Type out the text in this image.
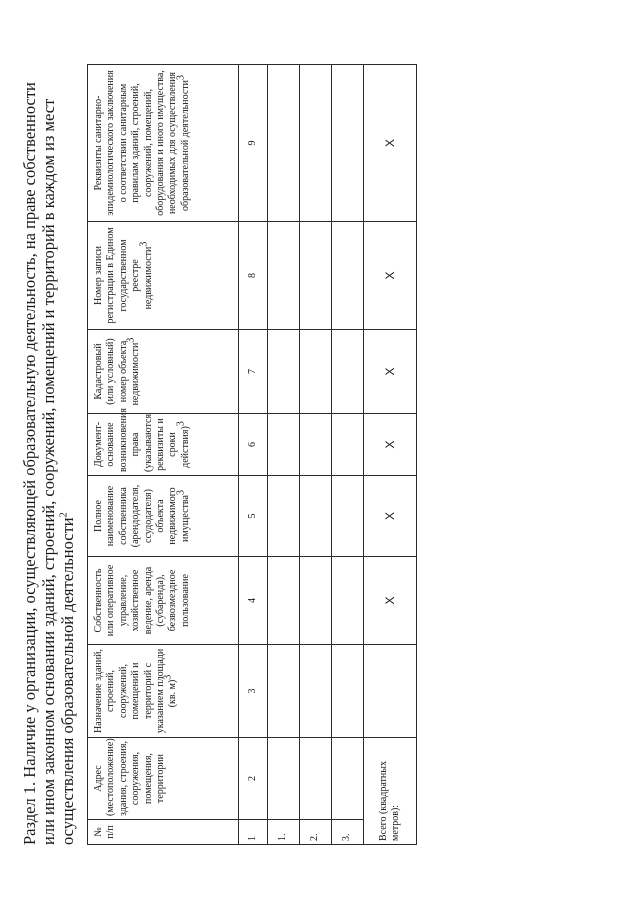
Раздел 1. Наличие у организации, осуществляющей образовательную деятельность, на праве собственности или ином законном основании зданий, строений, сооружений, помещений и территорий в каждом из мест осуществления образовательной деятельности$^2$
№ п/п	Адрес (местоположение) здания, строения, сооружения, помещения, территории	Назначение зданий, строений, сооружений, помещений и территорий с указанием площади (кв. м)3	Собственность или оперативное управление, хозяйственное ведение, аренда (субаренда), безвозмездное пользование	Полное наименование собственника (арендодателя, ссудодателя) объекта недвижимого имущества3	Документ-основание возникновения права (указываются реквизиты и сроки действия)3	Кадастровый (или условный) номер объекта недвижимости3	Номер записи регистрации в Едином государственном реестре недвижимости3	Реквизиты санитарно-эпидемиологического заключения о соответствии санитарным правилам зданий, строений, сооружений, помещений, оборудования и иного имущества, необходимых для осуществления образовательной деятельности3
1	2	3	4	5	6	7	8	9
1.								
2.								
3.								
Всего (квадратных метров):			X	X	X	X	X	X
